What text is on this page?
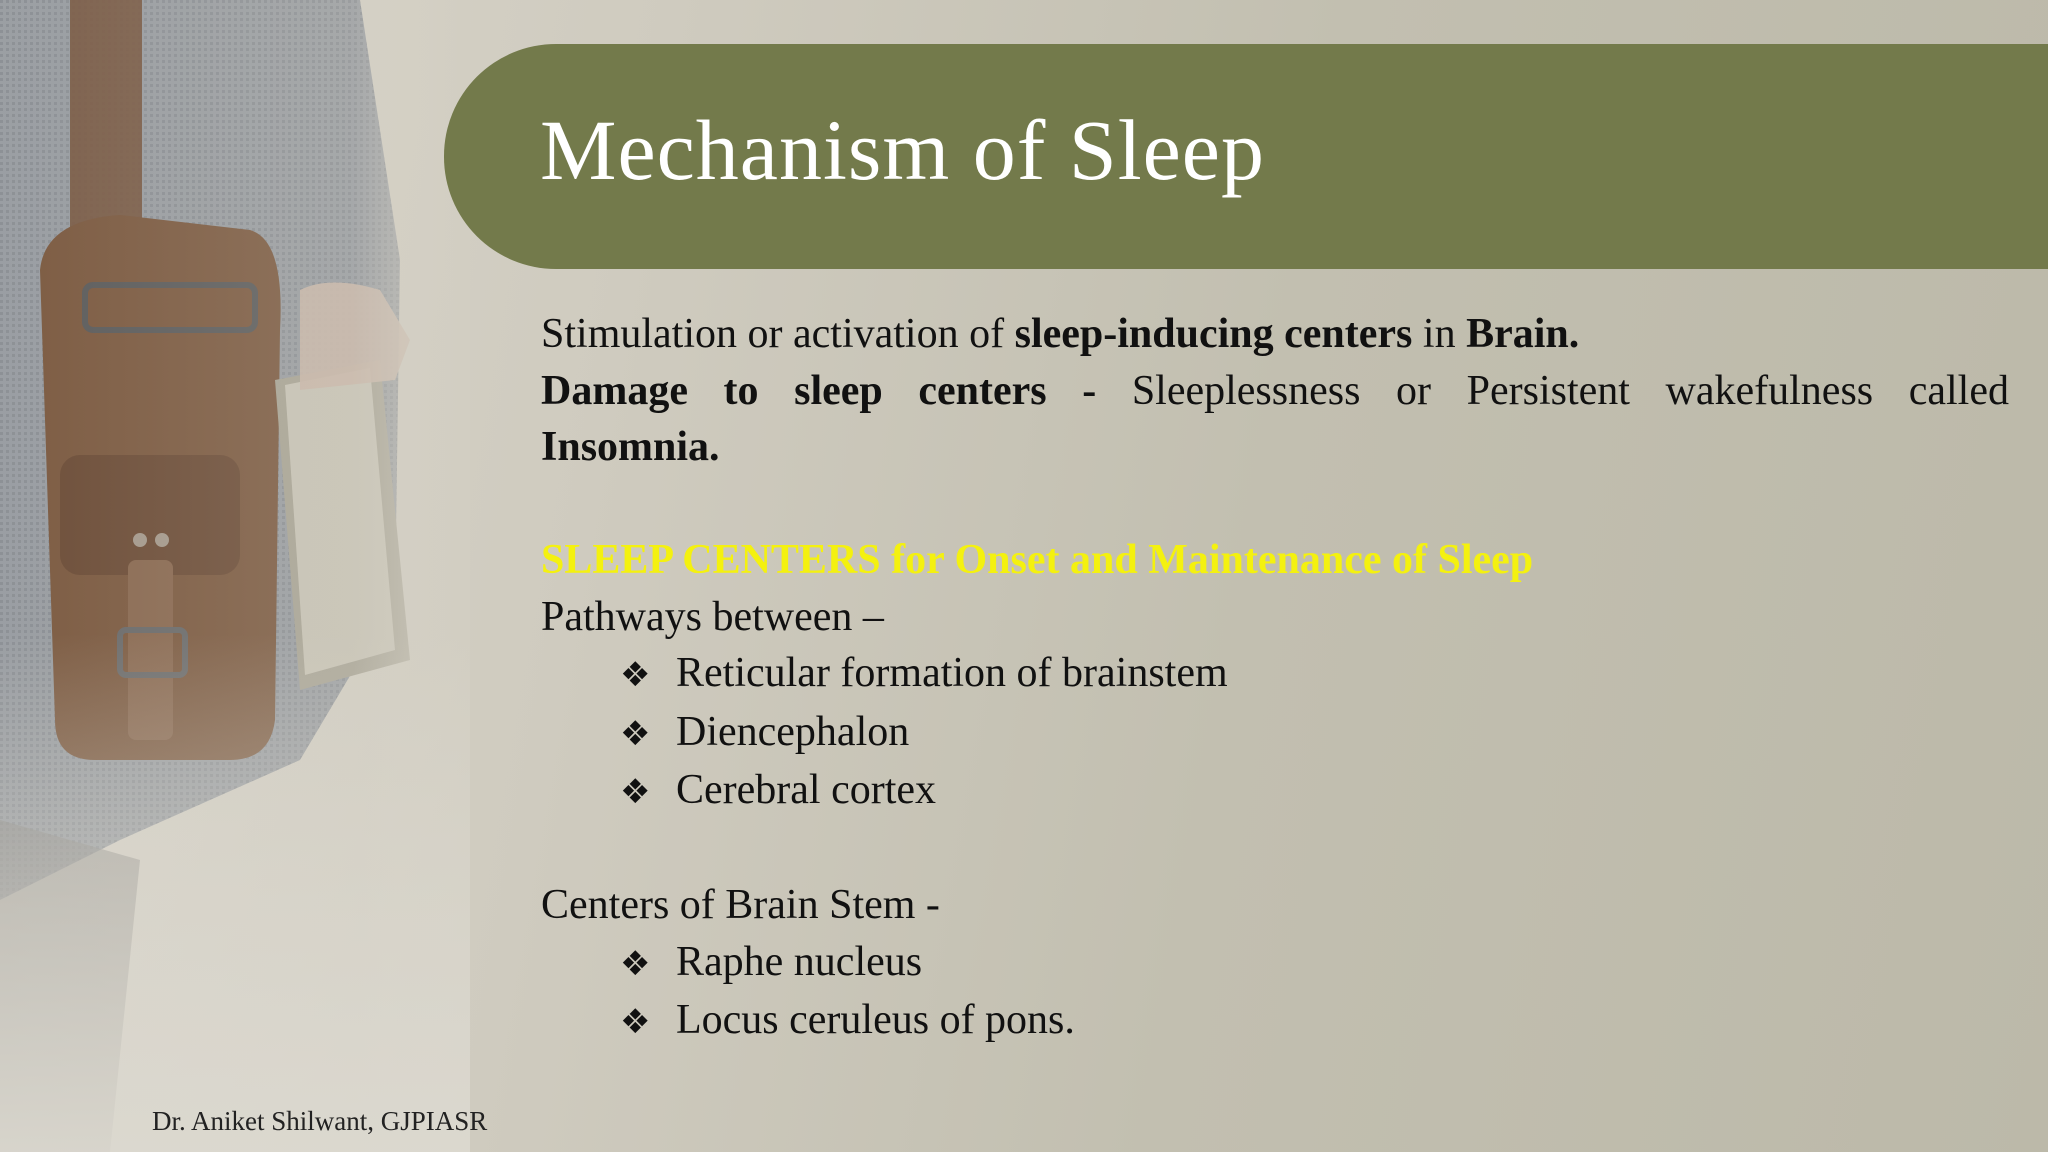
Mechanism of Sleep
Stimulation or activation of sleep-inducing centers in Brain.
Damage to sleep centers - Sleeplessness or Persistent wakefulness called
Insomnia.
SLEEP CENTERS for Onset and Maintenance of Sleep
Pathways between –
❖ Reticular formation of brainstem
❖ Diencephalon
❖ Cerebral cortex
Centers of Brain Stem -
❖ Raphe nucleus
❖ Locus ceruleus of pons.
Dr. Aniket Shilwant, GJPIASR
